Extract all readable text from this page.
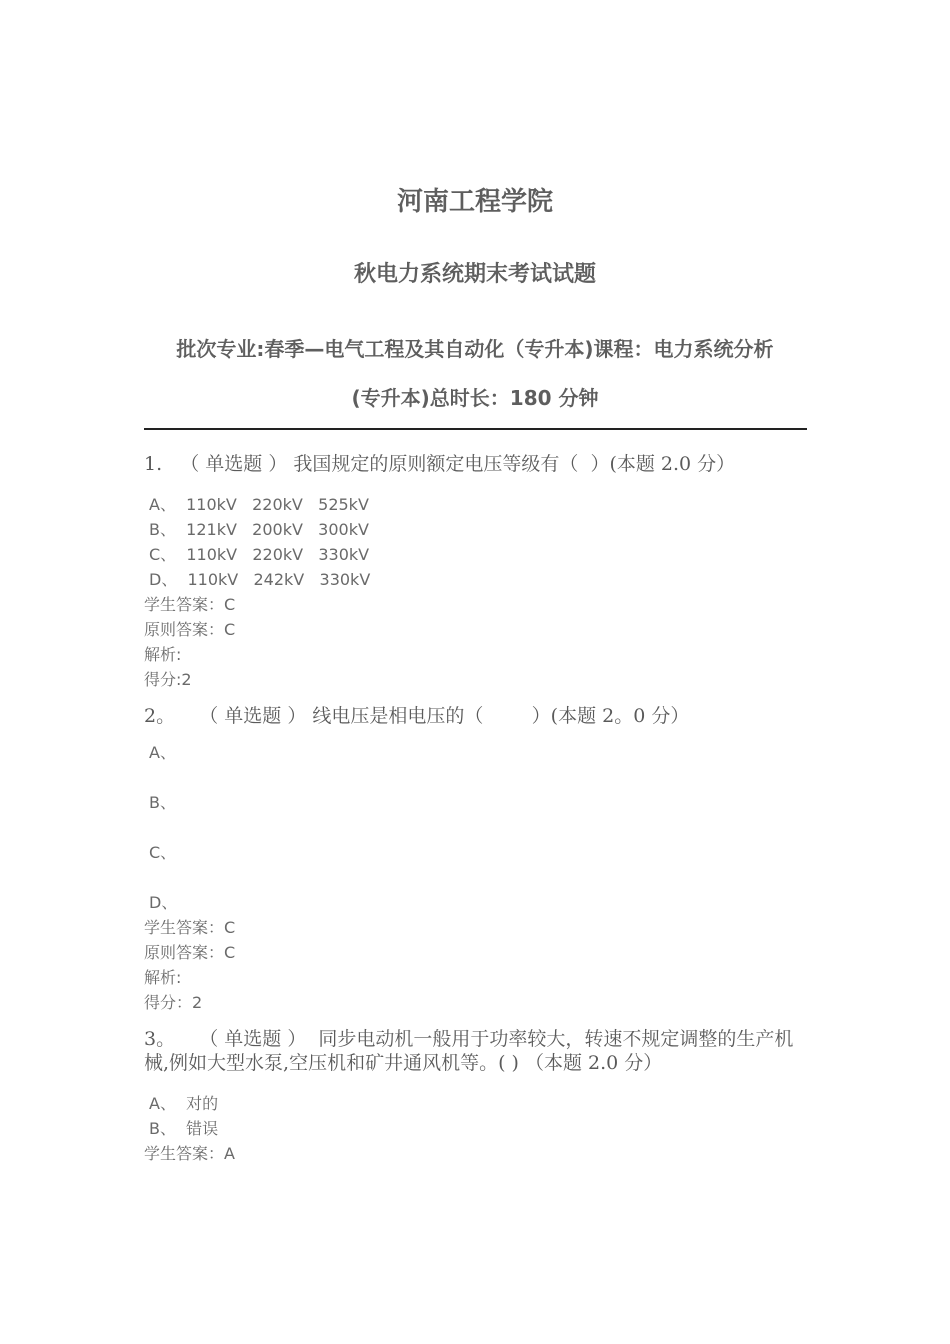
河南工程学院
秋电力系统期末考试试题
批次专业:春季—电气工程及其自动化（专升本)课程：电力系统分析
(专升本)总时长：180 分钟

1.   （ 单选题 ） 我国规定的原则额定电压等级有（  ）(本题 2.0 分）

A、  110kV   220kV   525kV

B、  121kV   200kV   300kV

C、  110kV   220kV   330kV

D、  110kV   242kV   330kV

学生答案：C

原则答案：C

解析:

得分:2

2。    （ 单选题 ） 线电压是相电压的（        ）(本题 2。0 分）

A、

B、

C、

D、

学生答案：C

原则答案：C

解析:

得分：2

3。    （ 单选题 ）  同步电动机一般用于功率较大，转速不规定调整的生产机械,例如大型水泵,空压机和矿井通风机等。( ) （本题 2.0 分）

A、  对的

B、  错误

学生答案：A
